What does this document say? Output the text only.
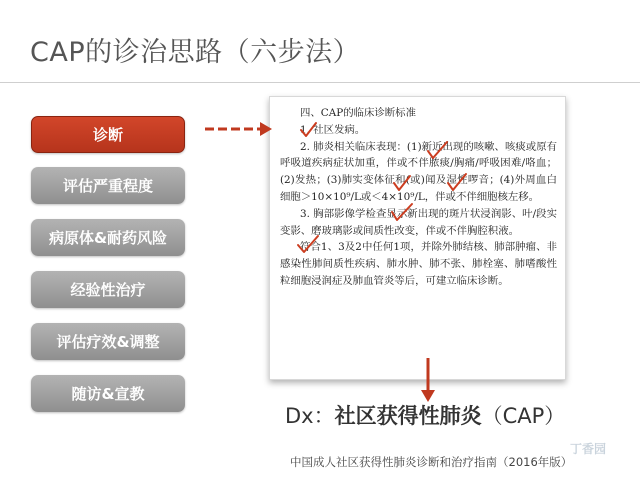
CAP的诊治思路（六步法）
诊断
评估严重程度
病原体&耐药风险
经验性治疗
评估疗效&调整
随访&宣教

四、CAP的临床诊断标准

1. 社区发病。

2. 肺炎相关临床表现：(1)新近出现的咳嗽、咳痰或原有呼吸道疾病症状加重，伴或不伴脓痰/胸痛/呼吸困难/咯血；(2)发热；(3)肺实变体征和(或)闻及湿性啰音；(4)外周血白细胞＞10×10⁹/L或＜4×10⁹/L，伴或不伴细胞核左移。

3. 胸部影像学检查显示新出现的斑片状浸润影、叶/段实变影、磨玻璃影或间质性改变，伴或不伴胸腔积液。

符合1、3及2中任何1项，并除外肺结核、肺部肿瘤、非感染性肺间质性疾病、肺水肿、肺不张、肺栓塞、肺嗜酸性粒细胞浸润症及肺血管炎等后，可建立临床诊断。

Dx：社区获得性肺炎（CAP）
中国成人社区获得性肺炎诊断和治疗指南（2016年版）
丁香园
